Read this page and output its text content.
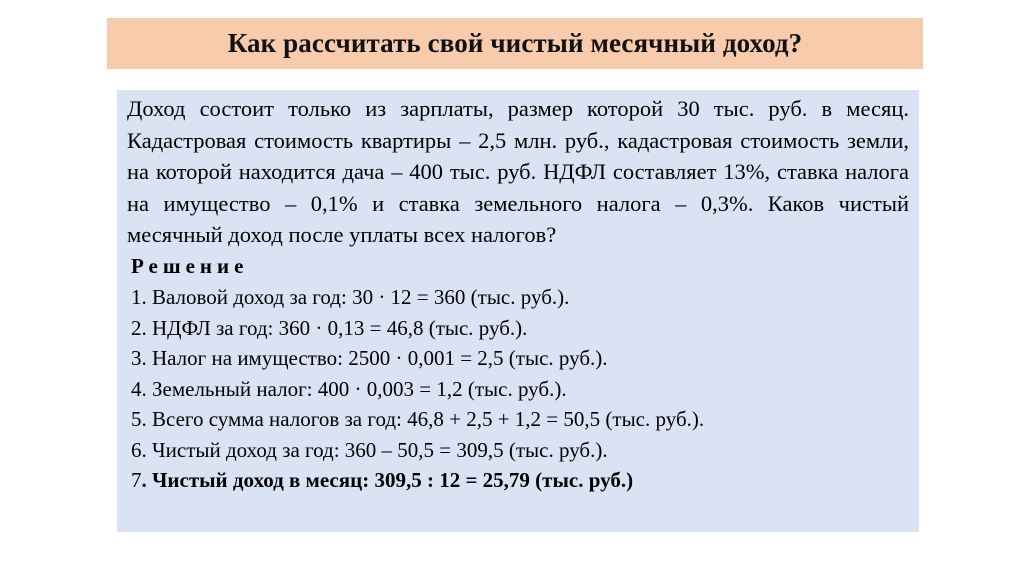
Как рассчитать свой чистый месячный доход?

Доход состоит только из зарплаты, размер которой 30 тыс. руб. в месяц. Кадастровая стоимость квартиры – 2,5 млн. руб., кадастровая стоимость земли, на которой находится дача – 400 тыс. руб. НДФЛ составляет 13%, ставка налога на имущество – 0,1% и ставка земельного налога – 0,3%. Каков чистый месячный доход после уплаты всех налогов?

Решение

1. Валовой доход за год: 30 · 12 = 360 (тыс. руб.).
2. НДФЛ за год: 360 · 0,13 = 46,8 (тыс. руб.).
3. Налог на имущество: 2500 · 0,001 = 2,5 (тыс. руб.).
4. Земельный налог: 400 · 0,003 = 1,2 (тыс. руб.).
5. Всего сумма налогов за год: 46,8 + 2,5 + 1,2 = 50,5 (тыс. руб.).
6. Чистый доход за год: 360 – 50,5 = 309,5 (тыс. руб.).
7. Чистый доход в месяц: 309,5 : 12 = 25,79 (тыс. руб.)
